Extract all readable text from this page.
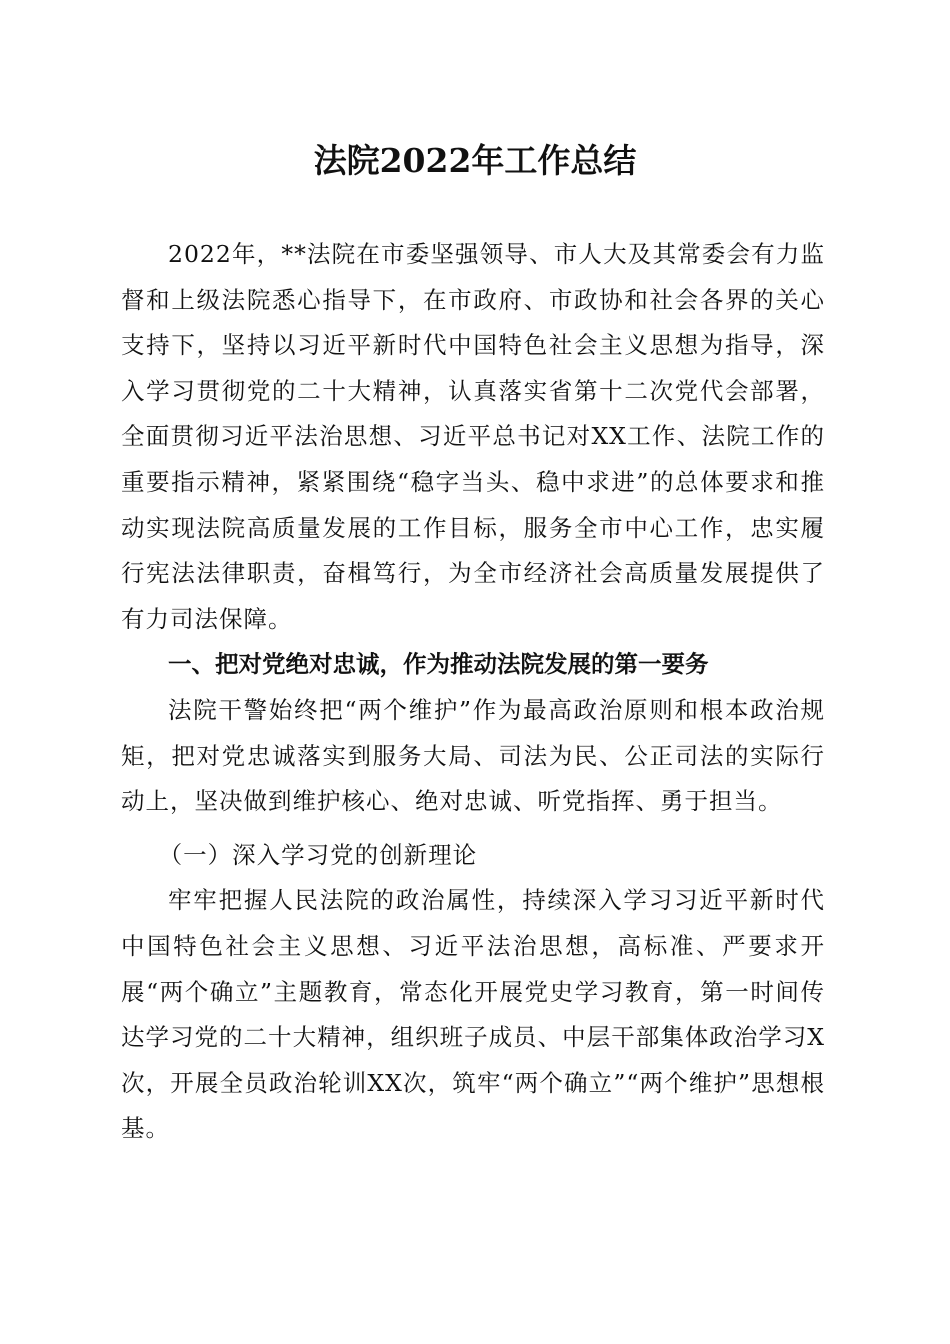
法院2022年工作总结

2022年，**法院在市委坚强领导、市人大及其常委会有力监督和上级法院悉心指导下，在市政府、市政协和社会各界的关心支持下，坚持以习近平新时代中国特色社会主义思想为指导，深入学习贯彻党的二十大精神，认真落实省第十二次党代会部署，全面贯彻习近平法治思想、习近平总书记对XX工作、法院工作的重要指示精神，紧紧围绕“稳字当头、稳中求进”的总体要求和推动实现法院高质量发展的工作目标，服务全市中心工作，忠实履行宪法法律职责，奋楫笃行，为全市经济社会高质量发展提供了有力司法保障。

一、把对党绝对忠诚，作为推动法院发展的第一要务

法院干警始终把“两个维护”作为最高政治原则和根本政治规矩，把对党忠诚落实到服务大局、司法为民、公正司法的实际行动上，坚决做到维护核心、绝对忠诚、听党指挥、勇于担当。

（一）深入学习党的创新理论

牢牢把握人民法院的政治属性，持续深入学习习近平新时代中国特色社会主义思想、习近平法治思想，高标准、严要求开展“两个确立”主题教育，常态化开展党史学习教育，第一时间传达学习党的二十大精神，组织班子成员、中层干部集体政治学习X次，开展全员政治轮训XX次，筑牢“两个确立”“两个维护”思想根基。
